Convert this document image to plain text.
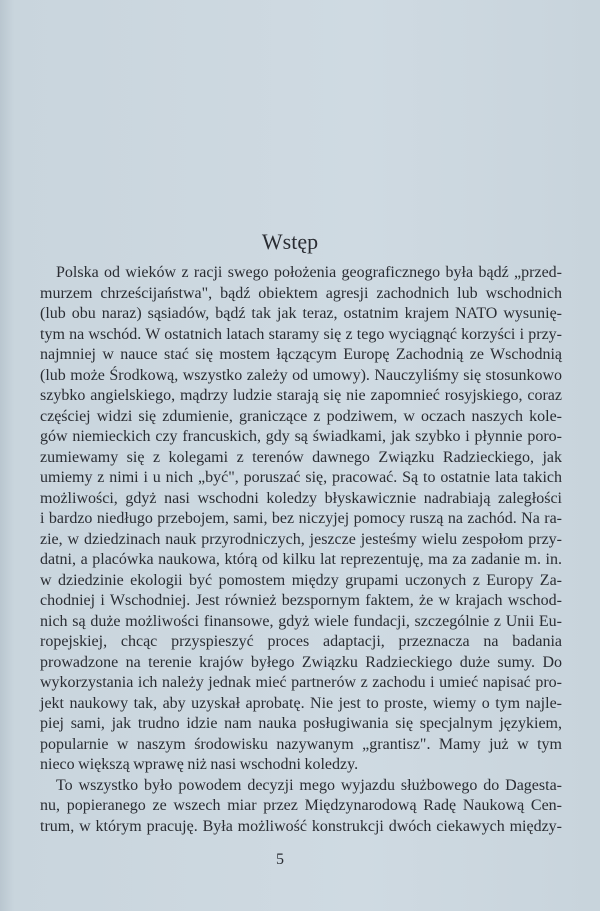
Wstęp
Polska od wieków z racji swego położenia geograficznego była bądź „przed-
murzem chrześcijaństwa", bądź obiektem agresji zachodnich lub wschodnich
(lub obu naraz) sąsiadów, bądź tak jak teraz, ostatnim krajem NATO wysunię-
tym na wschód. W ostatnich latach staramy się z tego wyciągnąć korzyści i przy-
najmniej w nauce stać się mostem łączącym Europę Zachodnią ze Wschodnią
(lub może Środkową, wszystko zależy od umowy). Nauczyliśmy się stosunkowo
szybko angielskiego, mądrzy ludzie starają się nie zapomnieć rosyjskiego, coraz
częściej widzi się zdumienie, graniczące z podziwem, w oczach naszych kole-
gów niemieckich czy francuskich, gdy są świadkami, jak szybko i płynnie poro-
zumiewamy się z kolegami z terenów dawnego Związku Radzieckiego, jak
umiemy z nimi i u nich „być", poruszać się, pracować. Są to ostatnie lata takich
możliwości, gdyż nasi wschodni koledzy błyskawicznie nadrabiają zaległości
i bardzo niedługo przebojem, sami, bez niczyjej pomocy ruszą na zachód. Na ra-
zie, w dziedzinach nauk przyrodniczych, jeszcze jesteśmy wielu zespołom przy-
datni, a placówka naukowa, którą od kilku lat reprezentuję, ma za zadanie m. in.
w dziedzinie ekologii być pomostem między grupami uczonych z Europy Za-
chodniej i Wschodniej. Jest również bezspornym faktem, że w krajach wschod-
nich są duże możliwości finansowe, gdyż wiele fundacji, szczególnie z Unii Eu-
ropejskiej, chcąc przyspieszyć proces adaptacji, przeznacza na badania
prowadzone na terenie krajów byłego Związku Radzieckiego duże sumy. Do
wykorzystania ich należy jednak mieć partnerów z zachodu i umieć napisać pro-
jekt naukowy tak, aby uzyskał aprobatę. Nie jest to proste, wiemy o tym najle-
piej sami, jak trudno idzie nam nauka posługiwania się specjalnym językiem,
popularnie w naszym środowisku nazywanym „grantisz". Mamy już w tym
nieco większą wprawę niż nasi wschodni koledzy.
To wszystko było powodem decyzji mego wyjazdu służbowego do Dagesta-
nu, popieranego ze wszech miar przez Międzynarodową Radę Naukową Cen-
trum, w którym pracuję. Była możliwość konstrukcji dwóch ciekawych między-
5
